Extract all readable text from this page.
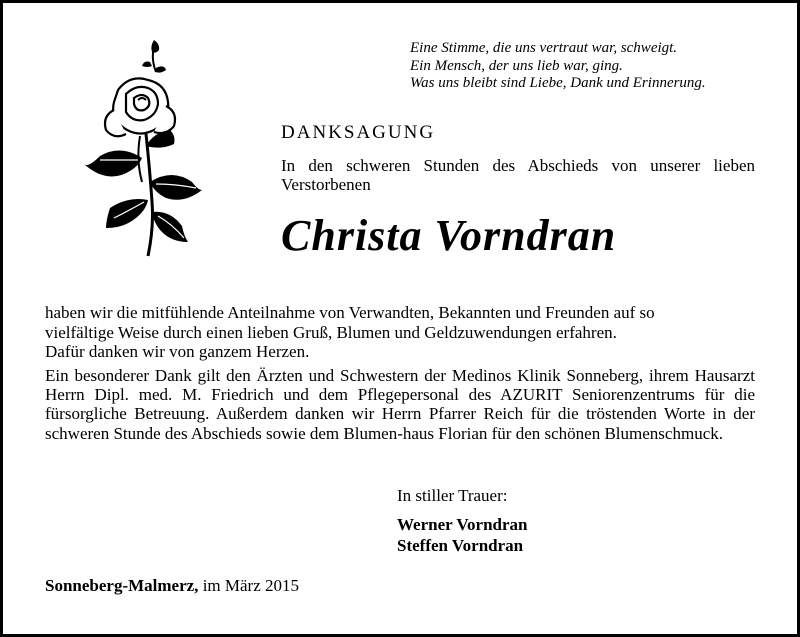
Eine Stimme, die uns vertraut war, schweigt.
Ein Mensch, der uns lieb war, ging.
Was uns bleibt sind Liebe, Dank und Erinnerung.
DANKSAGUNG

In den schweren Stunden des Abschieds von unserer lieben Verstorbenen

Christa Vorndran
haben wir die mitfühlende Anteilnahme von Verwandten, Bekannten und Freunden auf so
vielfältige Weise durch einen lieben Gruß, Blumen und Geldzuwendungen erfahren.
Dafür danken wir von ganzem Herzen.

Ein besonderer Dank gilt den Ärzten und Schwestern der Medinos Klinik Sonneberg, ihrem Hausarzt Herrn Dipl. med. M. Friedrich und dem Pflegepersonal des AZURIT Seniorenzentrums für die fürsorgliche Betreuung. Außerdem danken wir Herrn Pfarrer Reich für die tröstenden Worte in der schweren Stunde des Abschieds sowie dem Blumen-haus Florian für den schönen Blumenschmuck.

In stiller Trauer:
Werner Vorndran
Steffen Vorndran
Sonneberg-Malmerz, im März 2015
